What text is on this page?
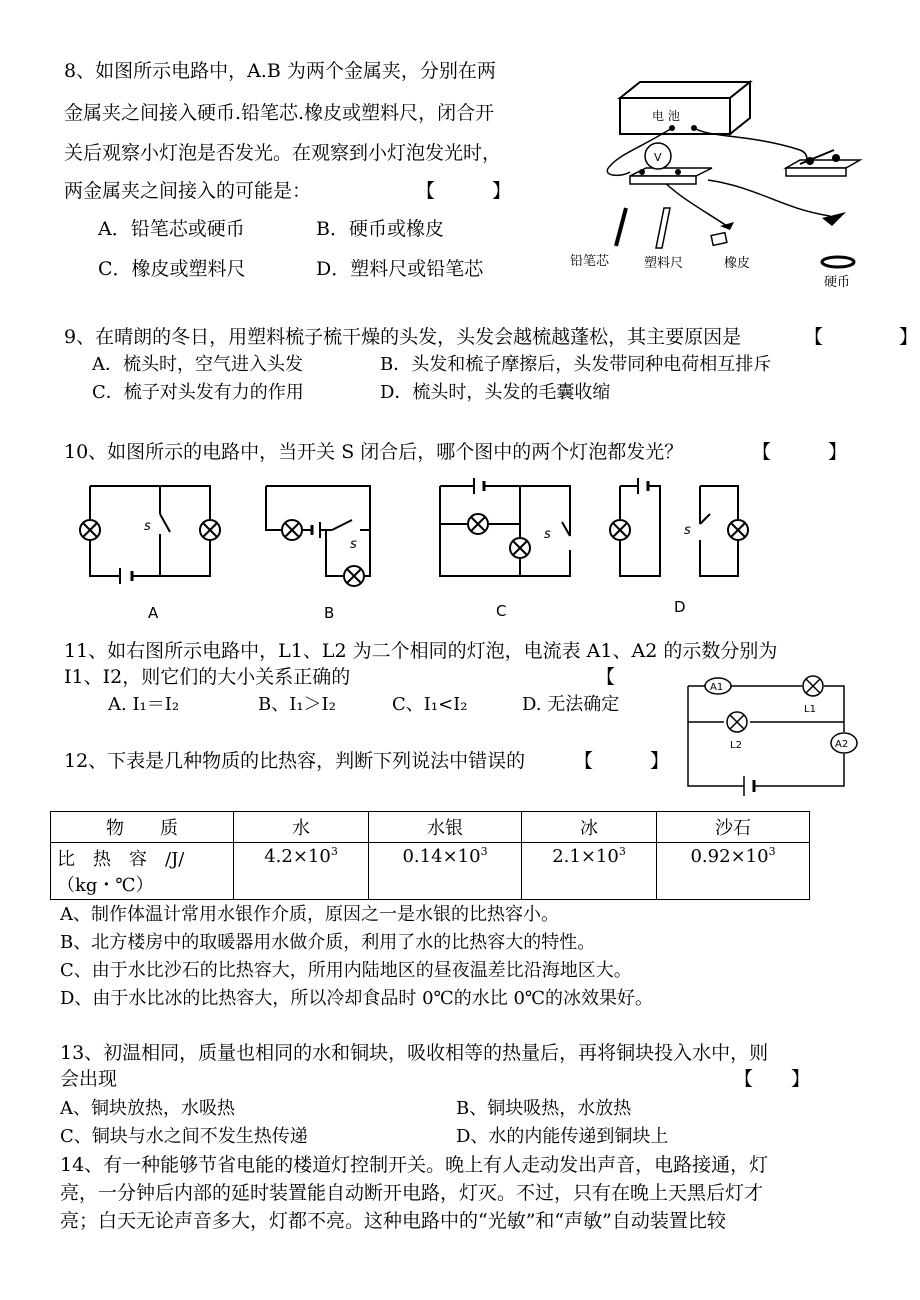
8、如图所示电路中，A.B 为两个金属夹，分别在两
金属夹之间接入硬币.铅笔芯.橡皮或塑料尺，闭合开
关后观察小灯泡是否发光。在观察到小灯泡发光时，
两金属夹之间接入的可能是：	【　　　】
A．铅笔芯或硬币	B．硬币或橡皮
C．橡皮或塑料尺	D．塑料尺或铅笔芯
电 池
V
铅笔芯	塑料尺	橡皮
硬币
9、在晴朗的冬日，用塑料梳子梳干燥的头发，头发会越梳越蓬松，其主要原因是	【　　　　】
A．梳头时，空气进入头发	B．头发和梳子摩擦后，头发带同种电荷相互排斥
C．梳子对头发有力的作用	D．梳头时，头发的毛囊收缩
10、如图所示的电路中，当开关 S 闭合后，哪个图中的两个灯泡都发光？	【　　　】
s
A
s
B
s
C
s
D
11、如右图所示电路中，L1、L2 为二个相同的灯泡，电流表 A1、A2 的示数分别为
I1、I2，则它们的大小关系正确的	【
A. I₁＝I₂	B、I₁＞I₂	C、I₁<I₂	D. 无法确定
A1
L1
L2	A2
12、下表是几种物质的比热容，判断下列说法中错误的	【　　　】
物　　质	水	水银	冰	沙石

比　热　容　/J/
（kg・℃）	$4.2\times 10^3$	$0.14\times 10^3$	$2.1\times 10^3$	$0.92\times 10^3$
A、制作体温计常用水银作介质，原因之一是水银的比热容小。
B、北方楼房中的取暖器用水做介质，利用了水的比热容大的特性。
C、由于水比沙石的比热容大，所用内陆地区的昼夜温差比沿海地区大。
D、由于水比冰的比热容大，所以冷却食品时 0℃的水比 0℃的冰效果好。
13、初温相同，质量也相同的水和铜块，吸收相等的热量后，再将铜块投入水中，则
会出现	【　　】
A、铜块放热，水吸热	B、铜块吸热，水放热
C、铜块与水之间不发生热传递	D、水的内能传递到铜块上
14、有一种能够节省电能的楼道灯控制开关。晚上有人走动发出声音，电路接通，灯
亮，一分钟后内部的延时装置能自动断开电路，灯灭。不过，只有在晚上天黑后灯才
亮；白天无论声音多大，灯都不亮。这种电路中的“光敏”和“声敏”自动装置比较
